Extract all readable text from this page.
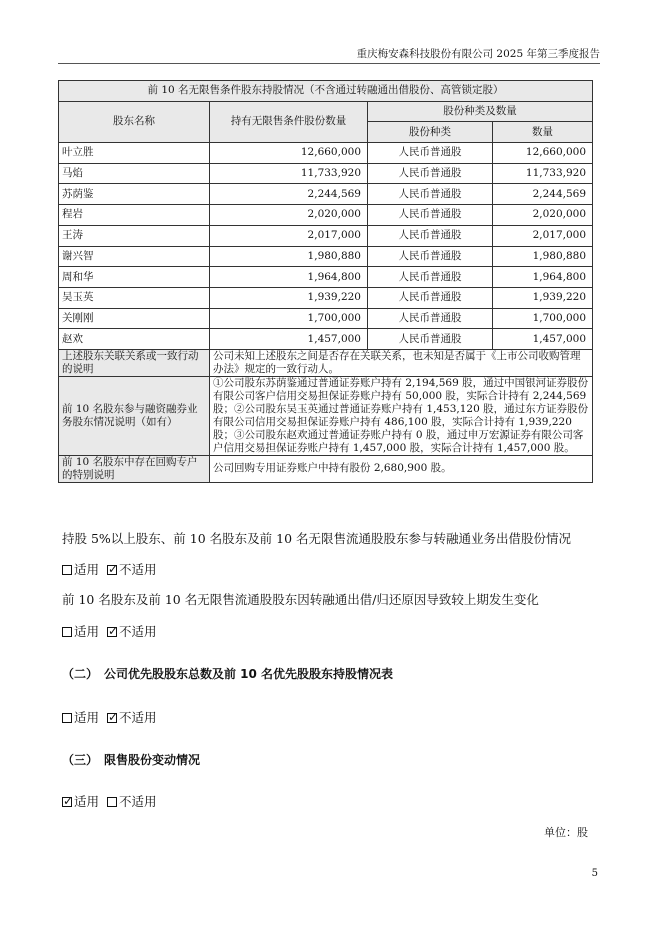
重庆梅安森科技股份有限公司 2025 年第三季度报告
前 10 名无限售条件股东持股情况（不含通过转融通出借股份、高管锁定股）			
股东名称	持有无限售条件股份数量	股份种类及数量	
		股份种类	数量
叶立胜	12,660,000	人民币普通股	12,660,000
马焰	11,733,920	人民币普通股	11,733,920
苏荫鉴	2,244,569	人民币普通股	2,244,569
程岩	2,020,000	人民币普通股	2,020,000
王涛	2,017,000	人民币普通股	2,017,000
谢兴智	1,980,880	人民币普通股	1,980,880
周和华	1,964,800	人民币普通股	1,964,800
吴玉英	1,939,220	人民币普通股	1,939,220
关刚刚	1,700,000	人民币普通股	1,700,000
赵欢	1,457,000	人民币普通股	1,457,000
上述股东关联关系或一致行动的说明	公司未知上述股东之间是否存在关联关系，也未知是否属于《上市公司收购管理办法》规定的一致行动人。		
前 10 名股东参与融资融券业务股东情况说明（如有）	①公司股东苏荫鉴通过普通证券账户持有 2,194,569 股，通过中国银河证券股份有限公司客户信用交易担保证券账户持有 50,000 股，实际合计持有 2,244,569 股；②公司股东吴玉英通过普通证券账户持有 1,453,120 股，通过东方证券股份有限公司信用交易担保证券账户持有 486,100 股，实际合计持有 1,939,220 股；③公司股东赵欢通过普通证券账户持有 0 股，通过申万宏源证券有限公司客户信用交易担保证券账户持有 1,457,000 股，实际合计持有 1,457,000 股。		
前 10 名股东中存在回购专户的特别说明	公司回购专用证券账户中持有股份 2,680,900 股。		
持股 5%以上股东、前 10 名股东及前 10 名无限售流通股股东参与转融通业务出借股份情况
适用 ✓ 不适用
前 10 名股东及前 10 名无限售流通股股东因转融通出借/归还原因导致较上期发生变化
适用 ✓ 不适用
（二）　公司优先股股东总数及前 10 名优先股股东持股情况表
适用 ✓ 不适用
（三）　限售股份变动情况
✓适用 不适用
单位：股
5
